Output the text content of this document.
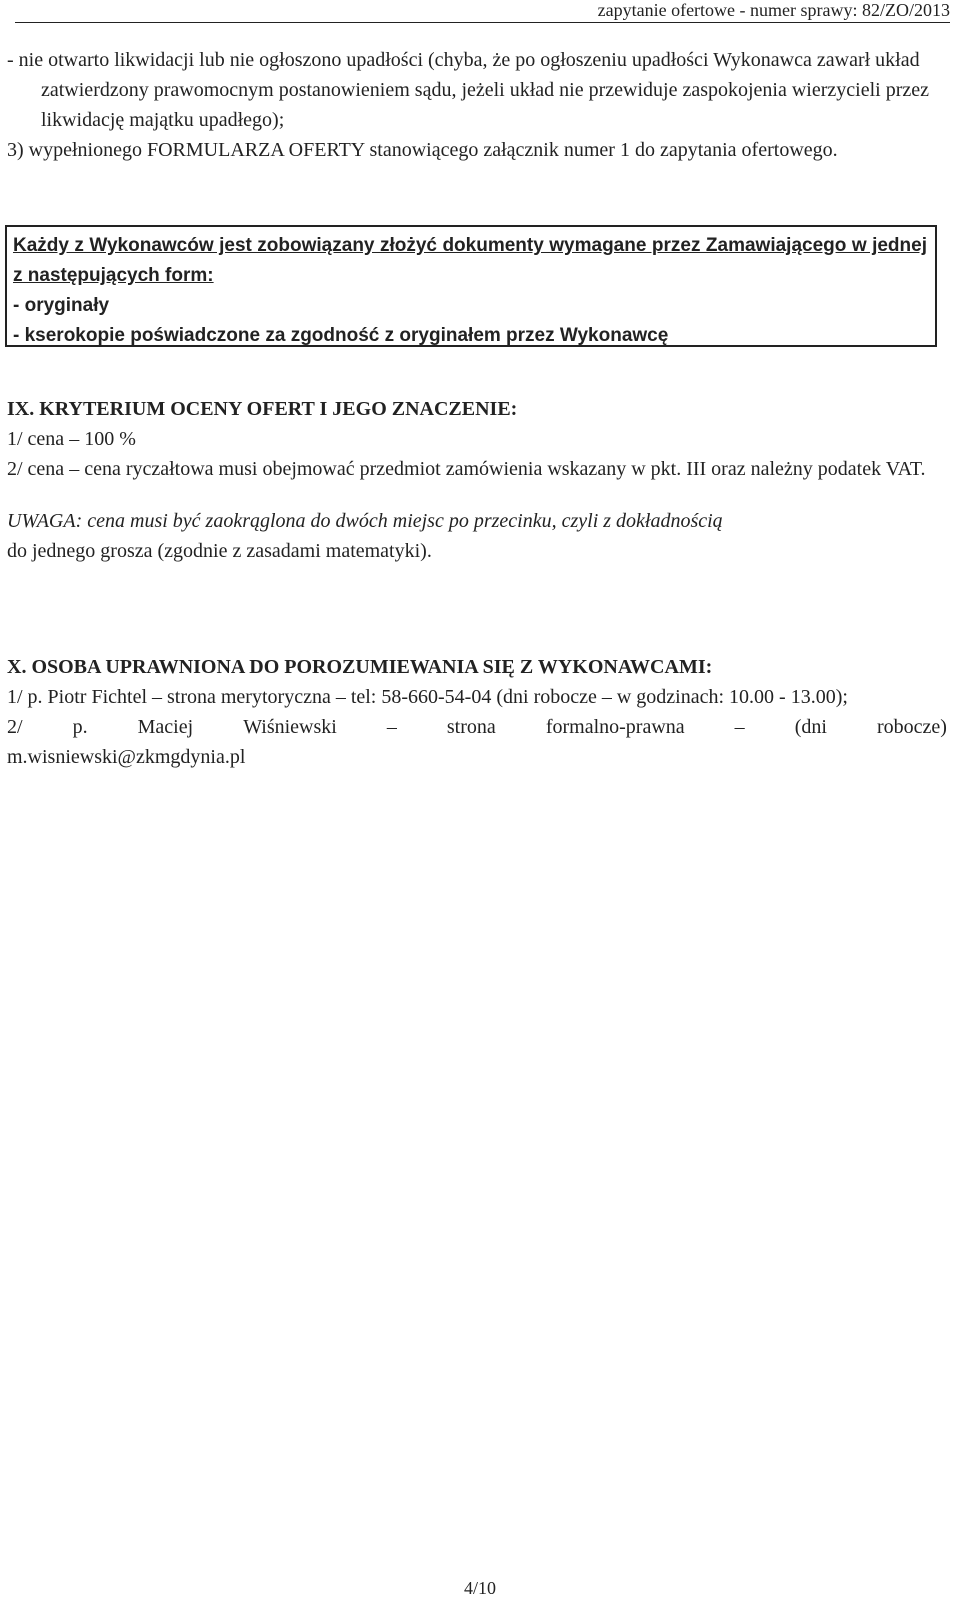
zapytanie ofertowe - numer sprawy: 82/ZO/2013
- nie otwarto likwidacji lub nie ogłoszono upadłości (chyba, że po ogłoszeniu upadłości Wykonawca zawarł układ zatwierdzony prawomocnym postanowieniem sądu, jeżeli układ nie przewiduje zaspokojenia wierzycieli przez likwidację majątku upadłego);
3) wypełnionego FORMULARZA OFERTY stanowiącego załącznik numer 1 do zapytania ofertowego.
Każdy z Wykonawców jest zobowiązany złożyć dokumenty wymagane przez Zamawiającego w jednej z następujących form:
- oryginały
- kserokopie poświadczone za zgodność z oryginałem przez Wykonawcę
IX. KRYTERIUM OCENY OFERT I JEGO ZNACZENIE:
1/ cena – 100 %
2/ cena – cena ryczałtowa musi obejmować przedmiot zamówienia wskazany w pkt. III oraz należny podatek VAT.
UWAGA: cena musi być zaokrąglona do dwóch miejsc po przecinku, czyli z dokładnością
do jednego grosza (zgodnie z zasadami matematyki).
X. OSOBA UPRAWNIONA DO POROZUMIEWANIA SIĘ Z WYKONAWCAMI:
1/ p. Piotr Fichtel – strona merytoryczna – tel: 58-660-54-04 (dni robocze – w godzinach: 10.00 - 13.00);
2/	p.	Maciej	Wiśniewski	–	strona	formalno-prawna	–	(dni	robocze)
m.wisniewski@zkmgdynia.pl
4/10
